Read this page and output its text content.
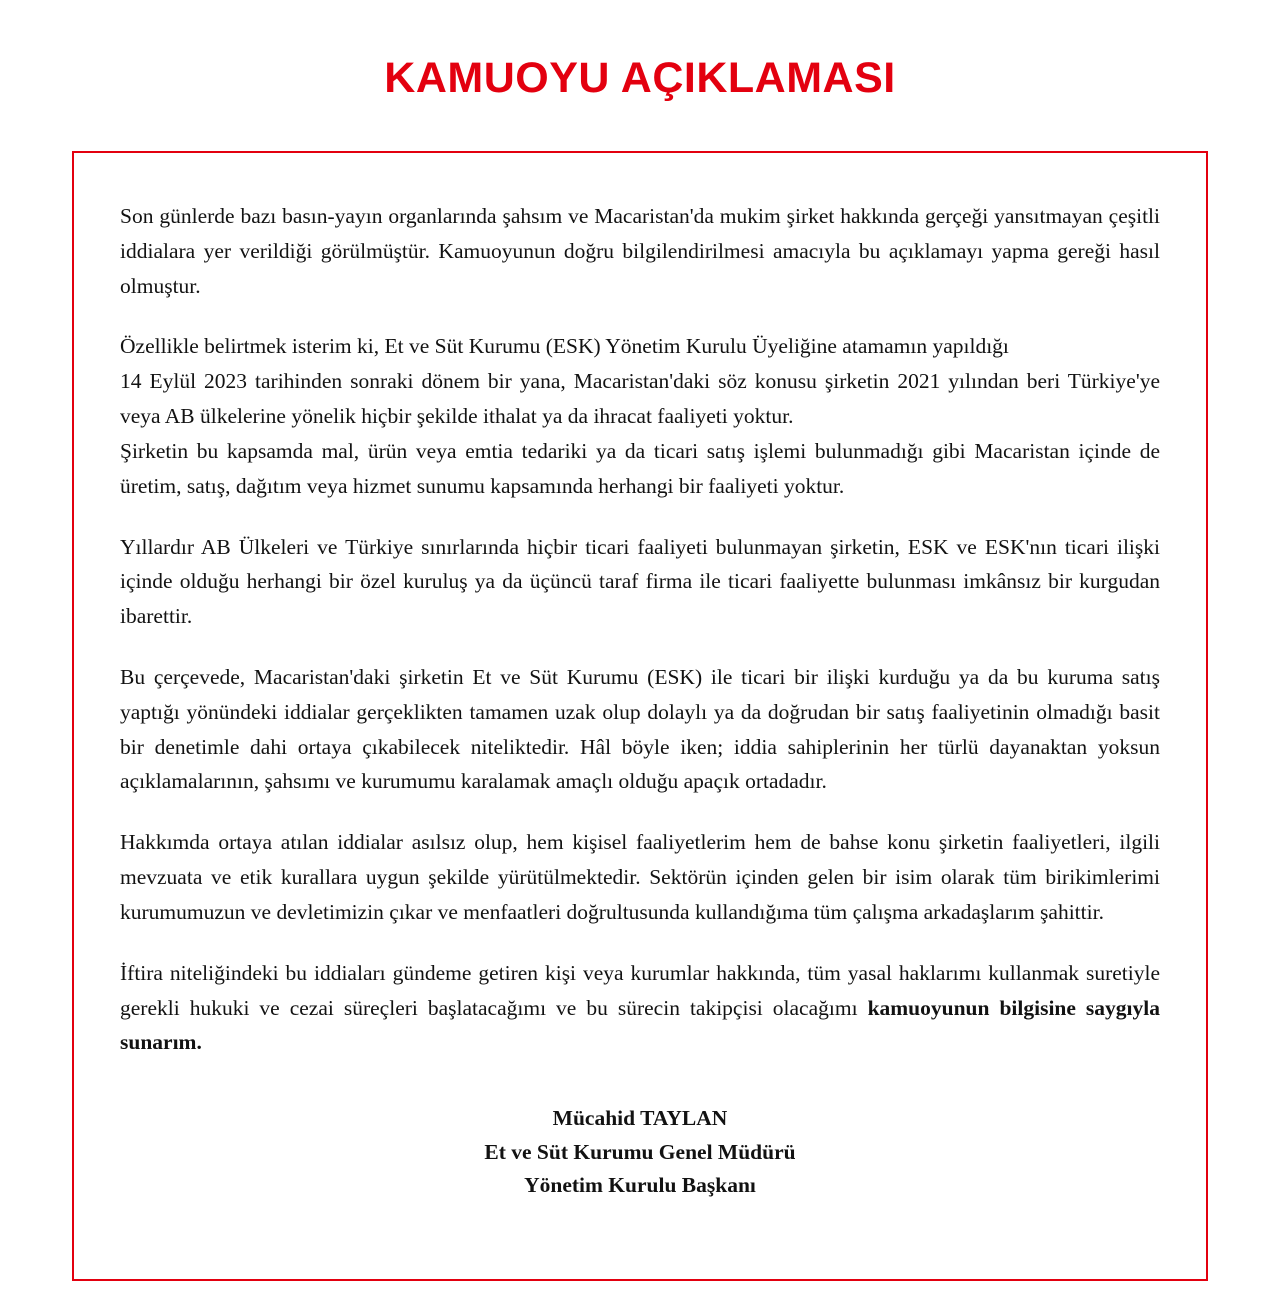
KAMUOYU AÇIKLAMASI

Son günlerde bazı basın-yayın organlarında şahsım ve Macaristan'da mukim şirket hakkında gerçeği yansıtmayan çeşitli iddialara yer verildiği görülmüştür. Kamuoyunun doğru bilgilendirilmesi amacıyla bu açıklamayı yapma gereği hasıl olmuştur.

Özellikle belirtmek isterim ki, Et ve Süt Kurumu (ESK) Yönetim Kurulu Üyeliğine atamamın yapıldığı

14 Eylül 2023 tarihinden sonraki dönem bir yana, Macaristan'daki söz konusu şirketin 2021 yılından beri Türkiye'ye veya AB ülkelerine yönelik hiçbir şekilde ithalat ya da ihracat faaliyeti yoktur.

Şirketin bu kapsamda mal, ürün veya emtia tedariki ya da ticari satış işlemi bulunmadığı gibi Macaristan içinde de üretim, satış, dağıtım veya hizmet sunumu kapsamında herhangi bir faaliyeti yoktur.

Yıllardır AB Ülkeleri ve Türkiye sınırlarında hiçbir ticari faaliyeti bulunmayan şirketin, ESK ve ESK'nın ticari ilişki içinde olduğu herhangi bir özel kuruluş ya da üçüncü taraf firma ile ticari faaliyette bulunması imkânsız bir kurgudan ibarettir.

Bu çerçevede, Macaristan'daki şirketin Et ve Süt Kurumu (ESK) ile ticari bir ilişki kurduğu ya da bu kuruma satış yaptığı yönündeki iddialar gerçeklikten tamamen uzak olup dolaylı ya da doğrudan bir satış faaliyetinin olmadığı basit bir denetimle dahi ortaya çıkabilecek niteliktedir. Hâl böyle iken; iddia sahiplerinin her türlü dayanaktan yoksun açıklamalarının, şahsımı ve kurumumu karalamak amaçlı olduğu apaçık ortadadır.

Hakkımda ortaya atılan iddialar asılsız olup, hem kişisel faaliyetlerim hem de bahse konu şirketin faaliyetleri, ilgili mevzuata ve etik kurallara uygun şekilde yürütülmektedir. Sektörün içinden gelen bir isim olarak tüm birikimlerimi kurumumuzun ve devletimizin çıkar ve menfaatleri doğrultusunda kullandığıma tüm çalışma arkadaşlarım şahittir.

İftira niteliğindeki bu iddiaları gündeme getiren kişi veya kurumlar hakkında, tüm yasal haklarımı kullanmak suretiyle gerekli hukuki ve cezai süreçleri başlatacağımı ve bu sürecin takipçisi olacağımı kamuoyunun bilgisine saygıyla sunarım.

Mücahid TAYLAN
Et ve Süt Kurumu Genel Müdürü
Yönetim Kurulu Başkanı
